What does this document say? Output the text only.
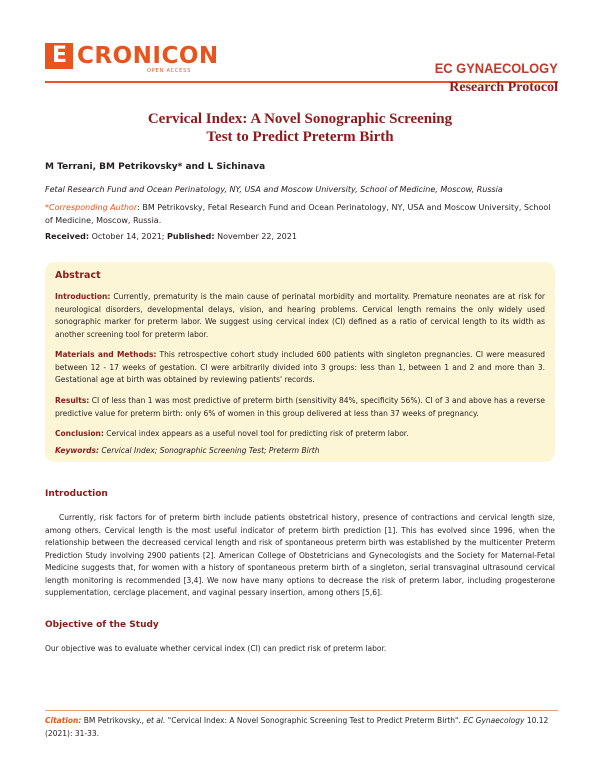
E CRONICON
OPEN ACCESS	EC GYNAECOLOGY
Research Protocol
Cervical Index: A Novel Sonographic Screening
Test to Predict Preterm Birth
M Terrani, BM Petrikovsky* and L Sichinava
Fetal Research Fund and Ocean Perinatology, NY, USA and Moscow University, School of Medicine, Moscow, Russia
*Corresponding Author: BM Petrikovsky, Fetal Research Fund and Ocean Perinatology, NY, USA and Moscow University, School of Medicine, Moscow, Russia.
Received: October 14, 2021; Published: November 22, 2021
Abstract
Introduction: Currently, prematurity is the main cause of perinatal morbidity and mortality. Premature neonates are at risk for neurological disorders, developmental delays, vision, and hearing problems. Cervical length remains the only widely used sonographic marker for preterm labor. We suggest using cervical index (CI) defined as a ratio of cervical length to its width as another screening tool for preterm labor.
Materials and Methods: This retrospective cohort study included 600 patients with singleton pregnancies. CI were measured between 12 - 17 weeks of gestation. CI were arbitrarily divided into 3 groups: less than 1, between 1 and 2 and more than 3. Gestational age at birth was obtained by reviewing patients' records.
Results: CI of less than 1 was most predictive of preterm birth (sensitivity 84%, specificity 56%). CI of 3 and above has a reverse predictive value for preterm birth: only 6% of women in this group delivered at less than 37 weeks of pregnancy.
Conclusion: Cervical index appears as a useful novel tool for predicting risk of preterm labor.
Keywords: Cervical Index; Sonographic Screening Test; Preterm Birth
Introduction
Currently, risk factors for of preterm birth include patients obstetrical history, presence of contractions and cervical length size, among others. Cervical length is the most useful indicator of preterm birth prediction [1]. This has evolved since 1996, when the relationship between the decreased cervical length and risk of spontaneous preterm birth was established by the multicenter Preterm Prediction Study involving 2900 patients [2]. American College of Obstetricians and Gynecologists and the Society for Maternal-Fetal Medicine suggests that, for women with a history of spontaneous preterm birth of a singleton, serial transvaginal ultrasound cervical length monitoring is recommended [3,4]. We now have many options to decrease the risk of preterm labor, including progesterone supplementation, cerclage placement, and vaginal pessary insertion, among others [5,6].
Objective of the Study
Our objective was to evaluate whether cervical index (CI) can predict risk of preterm labor.
Citation: BM Petrikovsky., et al. "Cervical Index: A Novel Sonographic Screening Test to Predict Preterm Birth". EC Gynaecology 10.12 (2021): 31-33.
